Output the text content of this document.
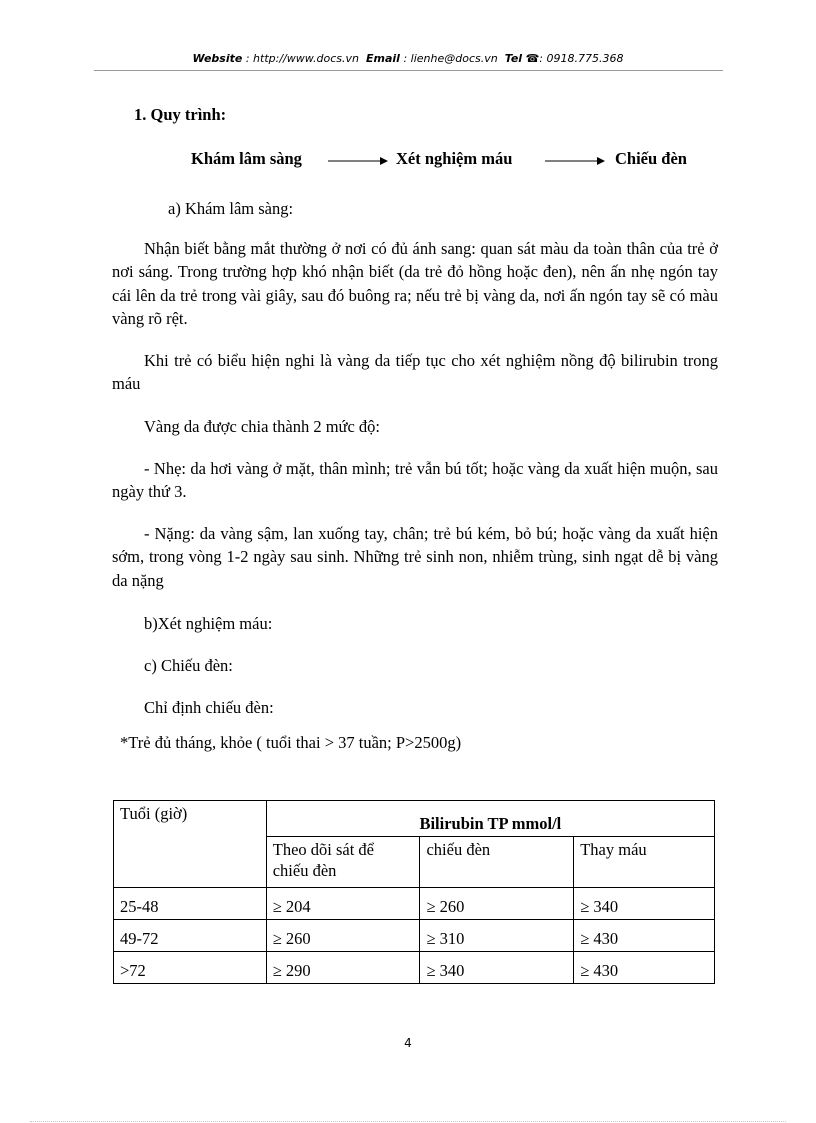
Website : http://www.docs.vn Email : lienhe@docs.vn Tel ☎: 0918.775.368
1. Quy trình:
Khám lâm sàng	Xét nghiệm máu	Chiếu đèn
a) Khám lâm sàng:
Nhận biết bằng mắt thường ở nơi có đủ ánh sang: quan sát màu da toàn thân của trẻ ở nơi sáng. Trong trường hợp khó nhận biết (da trẻ đỏ hồng hoặc đen), nên ấn nhẹ ngón tay cái lên da trẻ trong vài giây, sau đó buông ra; nếu trẻ bị vàng da, nơi ấn ngón tay sẽ có màu vàng rõ rệt.
Khi trẻ có biểu hiện nghi là vàng da tiếp tục cho xét nghiệm nồng độ bilirubin trong máu
Vàng da được chia thành 2 mức độ:
- Nhẹ: da hơi vàng ở mặt, thân mình; trẻ vẫn bú tốt; hoặc vàng da xuất hiện muộn, sau ngày thứ 3.
- Nặng: da vàng sậm, lan xuống tay, chân; trẻ bú kém, bỏ bú; hoặc vàng da xuất hiện sớm, trong vòng 1-2 ngày sau sinh. Những trẻ sinh non, nhiễm trùng, sinh ngạt dễ bị vàng da nặng
b)Xét nghiệm máu:
c) Chiếu đèn:
Chỉ định chiếu đèn:
*Trẻ đủ tháng, khỏe ( tuổi thai > 37 tuần; P>2500g)
Tuổi (giờ)	Bilirubin TP mmol/l		
	Theo dõi sát để chiếu đèn	chiếu đèn	Thay máu
25-48	≥ 204	≥ 260	≥ 340
49-72	≥ 260	≥ 310	≥ 430
>72	≥ 290	≥ 340	≥ 430
4
